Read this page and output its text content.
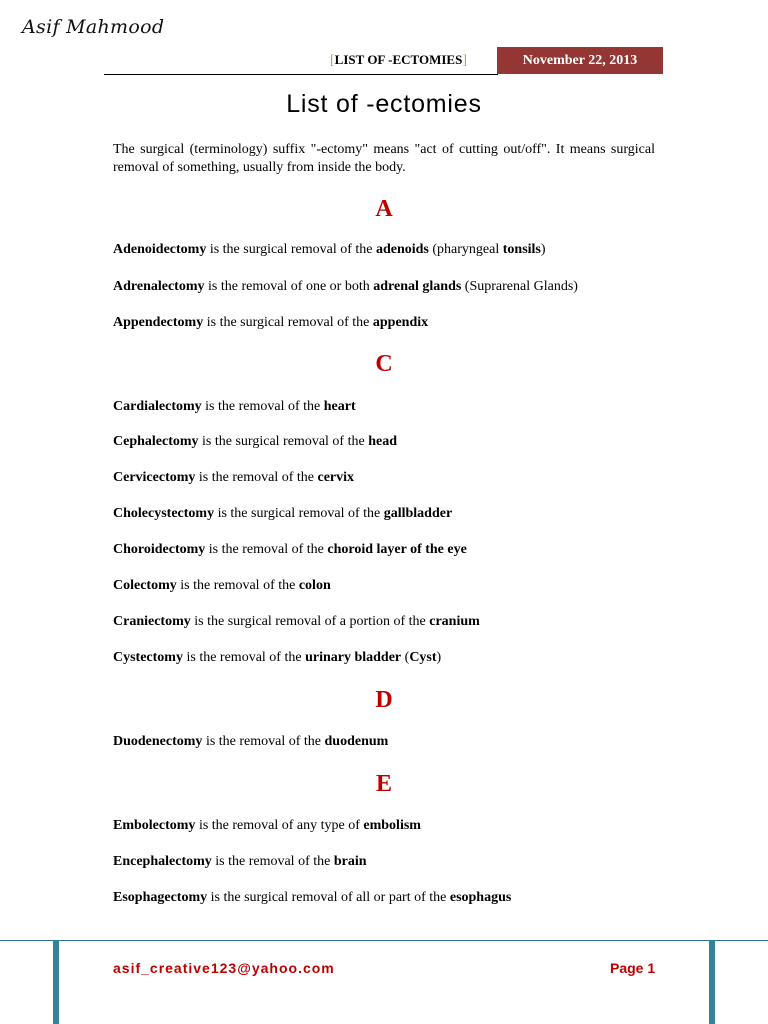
Asif Mahmood
[LIST OF -ECTOMIES]	November 22, 2013
List of -ectomies
The surgical (terminology) suffix "-ectomy" means "act of cutting out/off". It means surgical removal of something, usually from inside the body.
A
Adenoidectomy is the surgical removal of the adenoids (pharyngeal tonsils)
Adrenalectomy is the removal of one or both adrenal glands (Suprarenal Glands)
Appendectomy is the surgical removal of the appendix
C
Cardialectomy is the removal of the heart
Cephalectomy is the surgical removal of the head
Cervicectomy is the removal of the cervix
Cholecystectomy is the surgical removal of the gallbladder
Choroidectomy is the removal of the choroid layer of the eye
Colectomy is the removal of the colon
Craniectomy is the surgical removal of a portion of the cranium
Cystectomy is the removal of the urinary bladder (Cyst)
D
Duodenectomy is the removal of the duodenum
E
Embolectomy is the removal of any type of embolism
Encephalectomy is the removal of the brain
Esophagectomy is the surgical removal of all or part of the esophagus
asif_creative123@yahoo.com	Page 1
